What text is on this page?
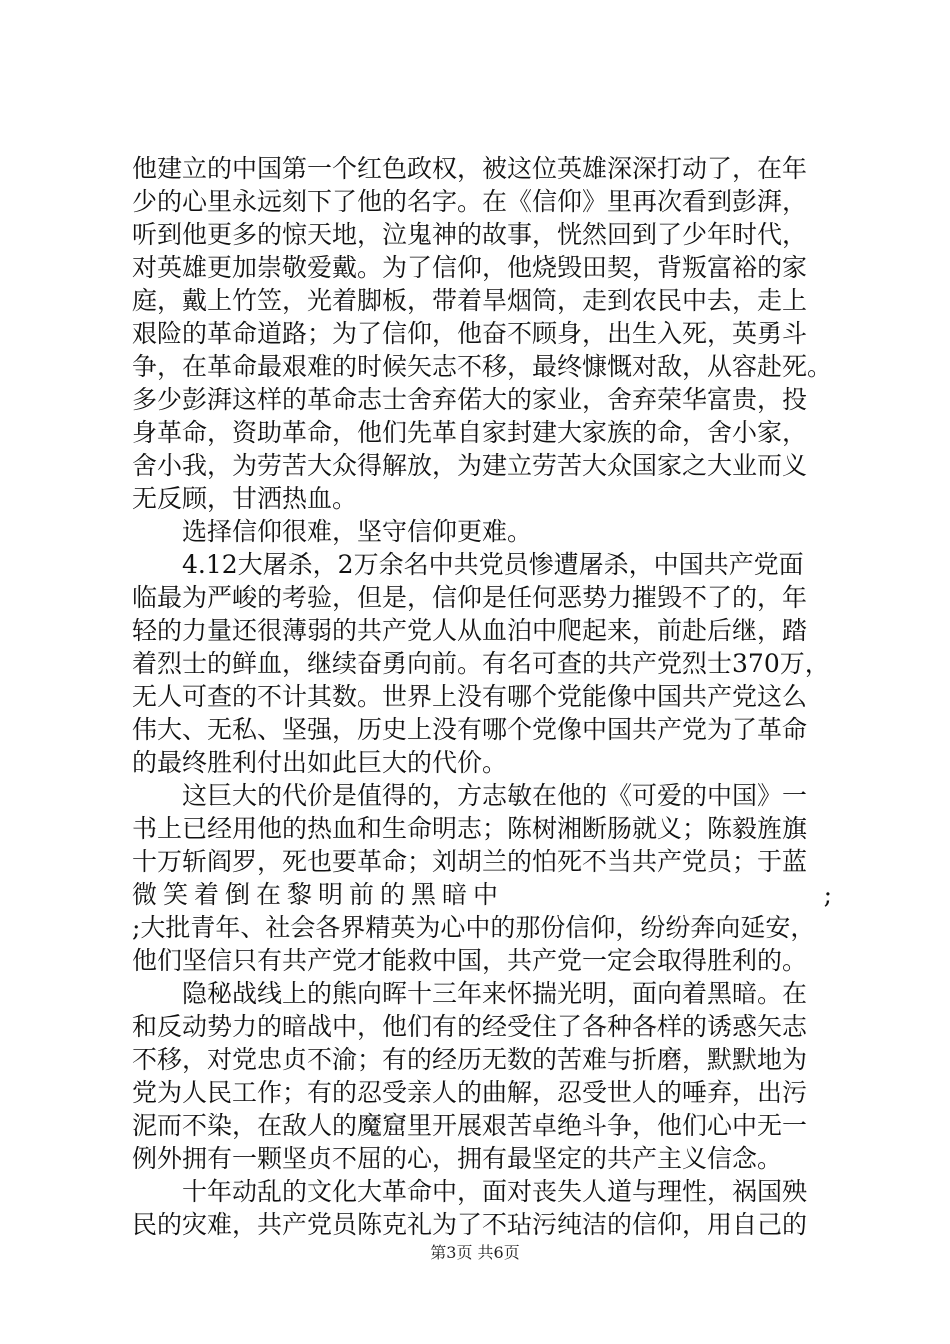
他建立的中国第一个红色政权，被这位英雄深深打动了，在年
少的心里永远刻下了他的名字。在《信仰》里再次看到彭湃，
听到他更多的惊天地，泣鬼神的故事，恍然回到了少年时代，
对英雄更加崇敬爱戴。为了信仰，他烧毁田契，背叛富裕的家
庭，戴上竹笠，光着脚板，带着旱烟筒，走到农民中去，走上
艰险的革命道路；为了信仰，他奋不顾身，出生入死，英勇斗
争，在革命最艰难的时候矢志不移，最终慷慨对敌，从容赴死。
多少彭湃这样的革命志士舍弃偌大的家业，舍弃荣华富贵，投
身革命，资助革命，他们先革自家封建大家族的命，舍小家，
舍小我，为劳苦大众得解放，为建立劳苦大众国家之大业而义
无反顾，甘洒热血。
选择信仰很难，坚守信仰更难。
4.12大屠杀，2万余名中共党员惨遭屠杀，中国共产党面
临最为严峻的考验，但是，信仰是任何恶势力摧毁不了的，年
轻的力量还很薄弱的共产党人从血泊中爬起来，前赴后继，踏
着烈士的鲜血，继续奋勇向前。有名可查的共产党烈士370万，
无人可查的不计其数。世界上没有哪个党能像中国共产党这么
伟大、无私、坚强，历史上没有哪个党像中国共产党为了革命
的最终胜利付出如此巨大的代价。
这巨大的代价是值得的，方志敏在他的《可爱的中国》一
书上已经用他的热血和生命明志；陈树湘断肠就义；陈毅旌旗
十万斩阎罗，死也要革命；刘胡兰的怕死不当共产党员；于蓝
微笑着倒在黎明前的黑暗中	;
;大批青年、社会各界精英为心中的那份信仰，纷纷奔向延安，
他们坚信只有共产党才能救中国，共产党一定会取得胜利的。
隐秘战线上的熊向晖十三年来怀揣光明，面向着黑暗。在
和反动势力的暗战中，他们有的经受住了各种各样的诱惑矢志
不移，对党忠贞不渝；有的经历无数的苦难与折磨，默默地为
党为人民工作；有的忍受亲人的曲解，忍受世人的唾弃，出污
泥而不染，在敌人的魔窟里开展艰苦卓绝斗争，他们心中无一
例外拥有一颗坚贞不屈的心，拥有最坚定的共产主义信念。
十年动乱的文化大革命中，面对丧失人道与理性，祸国殃
民的灾难，共产党员陈克礼为了不玷污纯洁的信仰，用自己的
第3页 共6页
